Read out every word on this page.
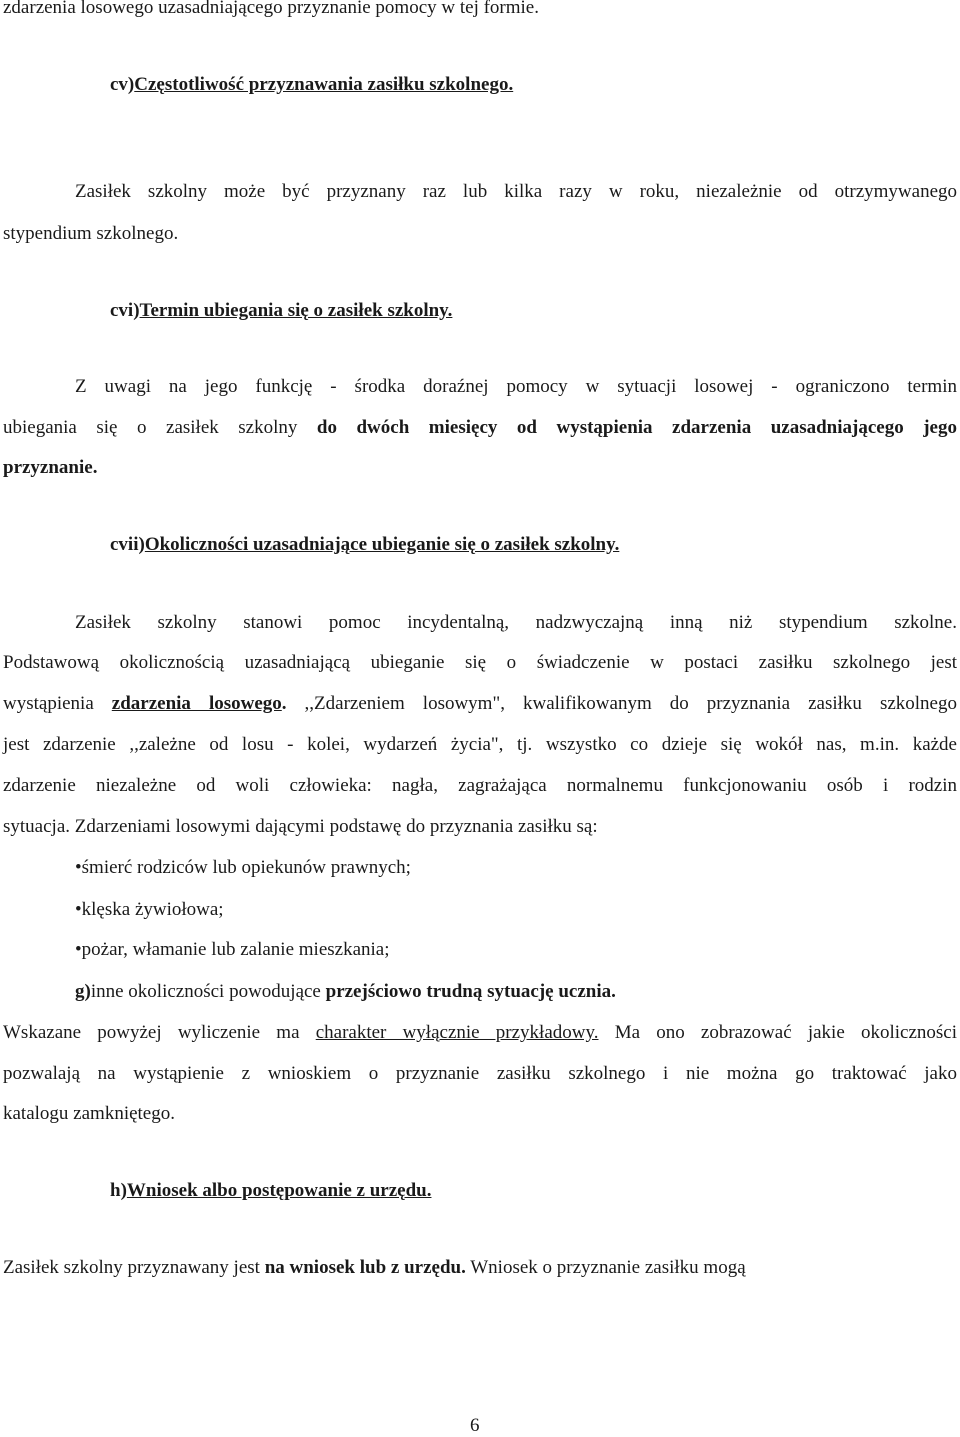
zdarzenia losowego uzasadniającego przyznanie pomocy w tej formie.
cv)Częstotliwość przyznawania zasiłku szkolnego.
Zasiłek szkolny może być przyznany raz lub kilka razy w roku, niezależnie od otrzymywanego
stypendium szkolnego.
cvi)Termin ubiegania się o zasiłek szkolny.
Z uwagi na jego funkcję - środka doraźnej pomocy w sytuacji losowej - ograniczono termin
ubiegania się o zasiłek szkolny do dwóch miesięcy od wystąpienia zdarzenia uzasadniającego jego
przyznanie.
cvii)Okoliczności uzasadniające ubieganie się o zasiłek szkolny.
Zasiłek szkolny stanowi pomoc incydentalną, nadzwyczajną inną niż stypendium szkolne.
Podstawową okolicznością uzasadniającą ubieganie się o świadczenie w postaci zasiłku szkolnego jest
wystąpienia zdarzenia losowego. ,,Zdarzeniem losowym", kwalifikowanym do przyznania zasiłku szkolnego
jest zdarzenie ,,zależne od losu - kolei, wydarzeń życia", tj. wszystko co dzieje się wokół nas, m.in. każde
zdarzenie niezależne od woli człowieka: nagła, zagrażająca normalnemu funkcjonowaniu osób i rodzin
sytuacja. Zdarzeniami losowymi dającymi podstawę do przyznania zasiłku są:
•śmierć rodziców lub opiekunów prawnych;
•klęska żywiołowa;
•pożar, włamanie lub zalanie mieszkania;
g)inne okoliczności powodujące przejściowo trudną sytuację ucznia.
Wskazane powyżej wyliczenie ma charakter wyłącznie przykładowy. Ma ono zobrazować jakie okoliczności
pozwalają na wystąpienie z wnioskiem o przyznanie zasiłku szkolnego i nie można go traktować jako
katalogu zamkniętego.
h)Wniosek albo postępowanie z urzędu.
Zasiłek szkolny przyznawany jest na wniosek lub z urzędu. Wniosek o przyznanie zasiłku mogą
6
